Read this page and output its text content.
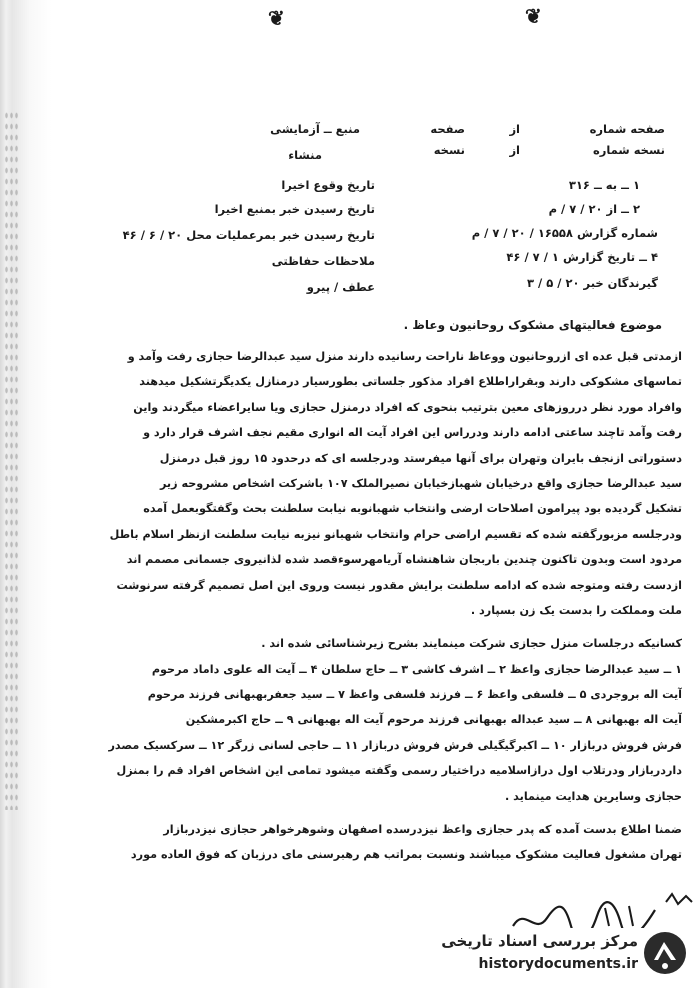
❦	❦
صفحه شماره
از
صفحه
نسخه شماره
از
نسخه
منبع ــ آزمایشی
منشاء
۱ ــ به ــ ۳۱۶
۲ ــ از ۲۰ / ۷ / م
شماره گزارش ۱۶۵۵۸ / ۲۰ / ۷ / م
۴ ــ تاریخ گزارش ۱ / ۷ / ۴۶
گیرندگان خبر ۲۰ / ۵ / ۳
تاریخ وقوع اخیرا
تاریخ رسیدن خبر بمنبع اخیرا
تاریخ رسیدن خبر بمرعملیات محل ۲۰ / ۶ / ۴۶
ملاحظات حفاظتی
عطف / پیرو
موضوع فعالیتهای مشکوک روحانیون وعاظ .
ازمدتی قبل عده ای ازروحانیون ووعاظ ناراحت رسانیده دارند منزل سید عبدالرضا حجازی رفت وآمد و
تماسهای مشکوکی دارند وبقراراطلاع افراد مذکور جلساتی بطورسیار درمنازل یکدیگرتشکیل میدهند
وافراد مورد نظر درروزهای معین بترتیب بنحوی که افراد درمنزل حجازی ویا سایراعضاء میگردند واین
رفت وآمد تاچند ساعتی ادامه دارند ودرراس این افراد آیت اله انواری مقیم نجف اشرف قرار دارد و
دستوراتی ازنجف بایران وتهران برای آنها میفرستد ودرجلسه ای که درحدود ۱۵ روز قبل درمنزل
سید عبدالرضا حجازی واقع درخیابان شهبازخیابان نصیرالملک ۱۰۷ باشرکت اشخاص مشروحه زیر
تشکیل گردیده بود پیرامون اصلاحات ارضی وانتخاب شهبانوبه نیابت سلطنت بحث وگفتگوبعمل آمده
ودرجلسه مزبورگفته شده که تقسیم اراضی حرام وانتخاب شهبانو نیزبه نیابت سلطنت ازنظر اسلام باطل
مردود است وبدون تاکنون چندین باربجان شاهنشاه آریامهرسوءقصد شده لذانیروی جسمانی مصمم اند
ازدست رفته ومتوجه شده که ادامه سلطنت برایش مقدور نیست وروی این اصل تصمیم گرفته سرنوشت
ملت ومملکت را بدست یک زن بسپارد .
کسانیکه درجلسات منزل حجازی شرکت مینمایند بشرح زیرشناسائی شده اند .
۱ ــ سید عبدالرضا حجازی واعظ ۲ ــ اشرف کاشی ۳ ــ حاج سلطان ۴ ــ آیت اله علوی داماد مرحوم
آیت اله بروجردی ۵ ــ فلسفی واعظ ۶ ــ فرزند فلسفی واعظ ۷ ــ سید جعفربهبهانی فرزند مرحوم
آیت اله بهبهانی ۸ ــ سید عبداله بهبهانی فرزند مرحوم آیت اله بهبهانی ۹ ــ حاج اکبرمشکین
فرش فروش دربازار ۱۰ ــ اکبرگیگیلی فرش فروش دربازار ۱۱ ــ حاجی لسانی زرگر ۱۲ ــ سرکسیک مصدر
داردربازار ودرتلاب اول درازاسلامیه دراختیار رسمی وگفته میشود تمامی این اشخاص افراد قم را بمنزل
حجازی وسایرین هدایت مینماید .
ضمنا اطلاع بدست آمده که پدر حجازی واعظ نیزدرسده اصفهان وشوهرخواهر حجازی نیزدربازار
تهران مشغول فعالیت مشکوک میباشند ونسبت بمراتب هم رهبرسنی مای درزبان که فوق العاده مورد
مرکز بررسی اسناد تاریخی
historydocuments.ir
